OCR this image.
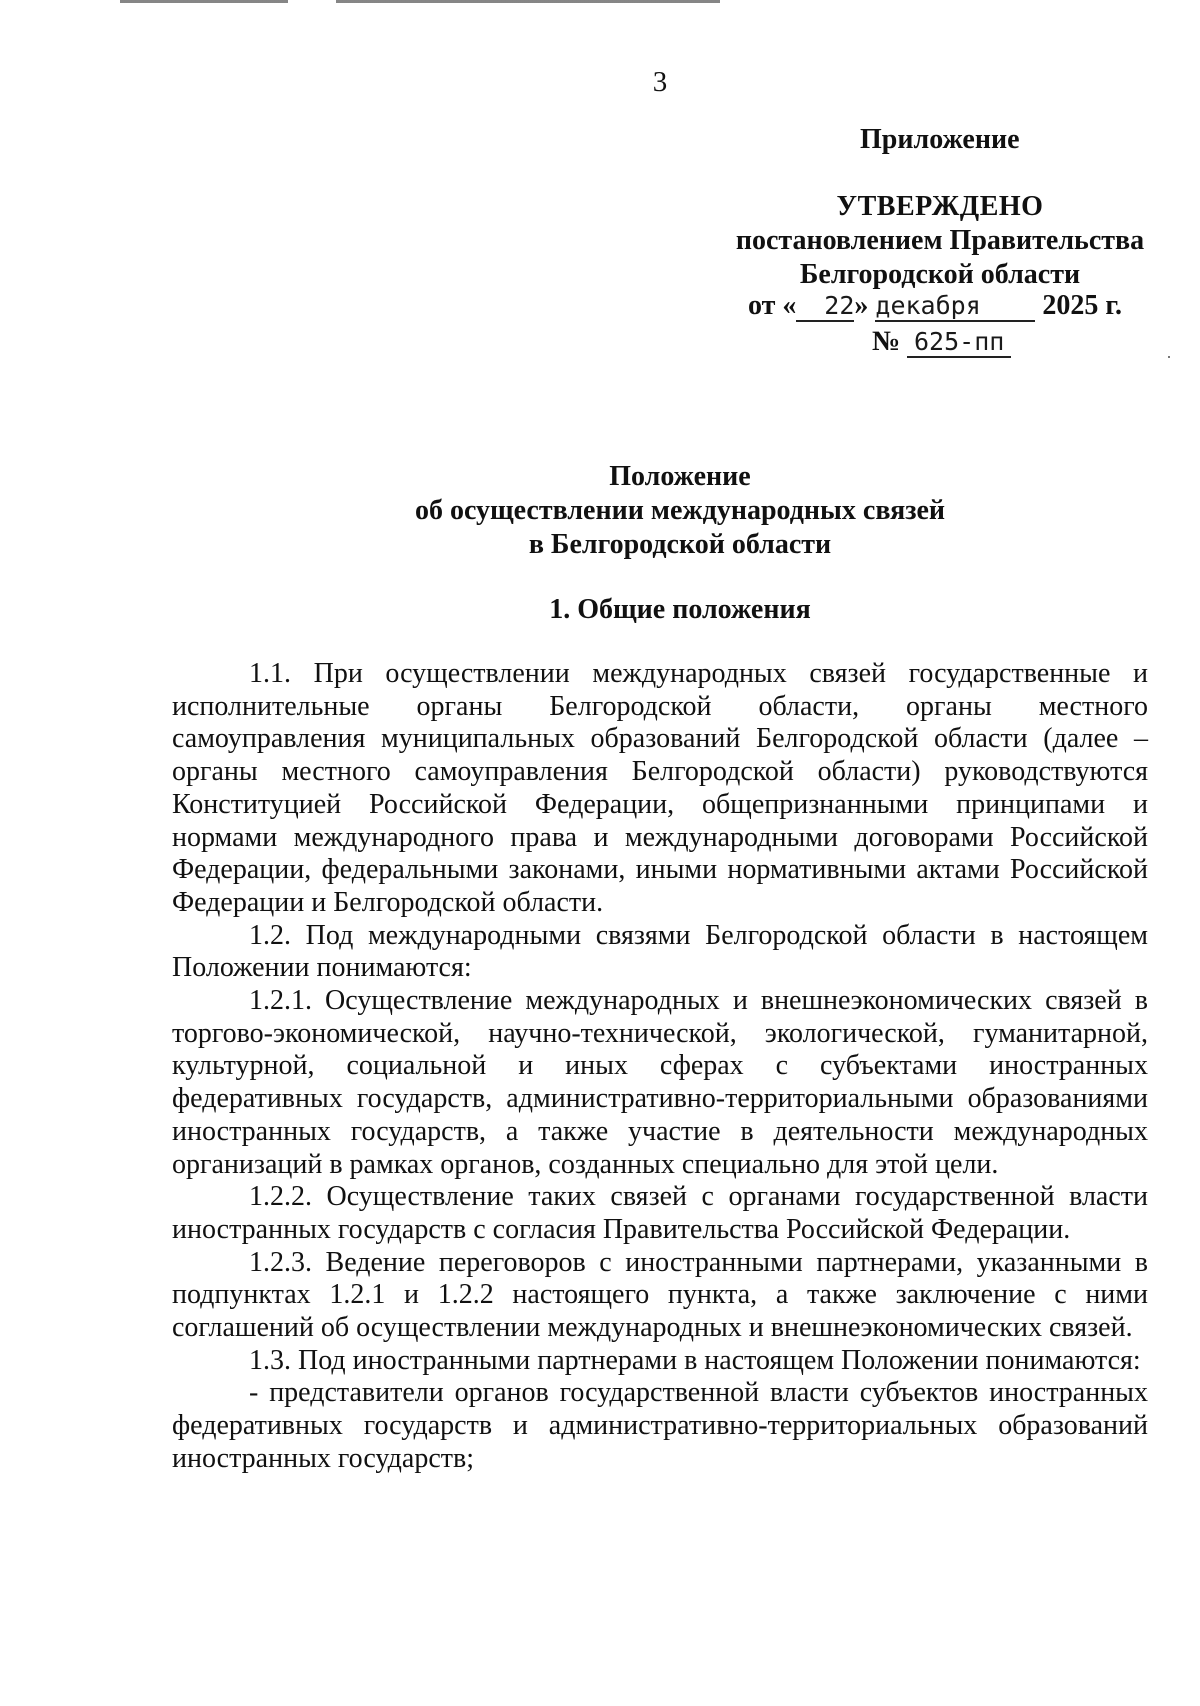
3
Приложение
УТВЕРЖДЕНО
постановлением Правительства
Белгородской области
от « 22» декабря 2025 г.
№ 625-пп
Положение
об осуществлении международных связей
в Белгородской области
1. Общие положения

1.1. При осуществлении международных связей государственные и исполнительные органы Белгородской области, органы местного самоуправления муниципальных образований Белгородской области (далее – органы местного самоуправления Белгородской области) руководствуются Конституцией Российской Федерации, общепризнанными принципами и нормами международного права и международными договорами Российской Федерации, федеральными законами, иными нормативными актами Российской Федерации и Белгородской области.

1.2. Под международными связями Белгородской области в настоящем Положении понимаются:

1.2.1. Осуществление международных и внешнеэкономических связей в торгово-экономической, научно-технической, экологической, гуманитарной, культурной, социальной и иных сферах с субъектами иностранных федеративных государств, административно-территориальными образованиями иностранных государств, а также участие в деятельности международных организаций в рамках органов, созданных специально для этой цели.

1.2.2. Осуществление таких связей с органами государственной власти иностранных государств с согласия Правительства Российской Федерации.

1.2.3. Ведение переговоров с иностранными партнерами, указанными в подпунктах 1.2.1 и 1.2.2 настоящего пункта, а также заключение с ними соглашений об осуществлении международных и внешнеэкономических связей.

1.3. Под иностранными партнерами в настоящем Положении понимаются:

- представители органов государственной власти субъектов иностранных федеративных государств и административно-территориальных образований иностранных государств;
